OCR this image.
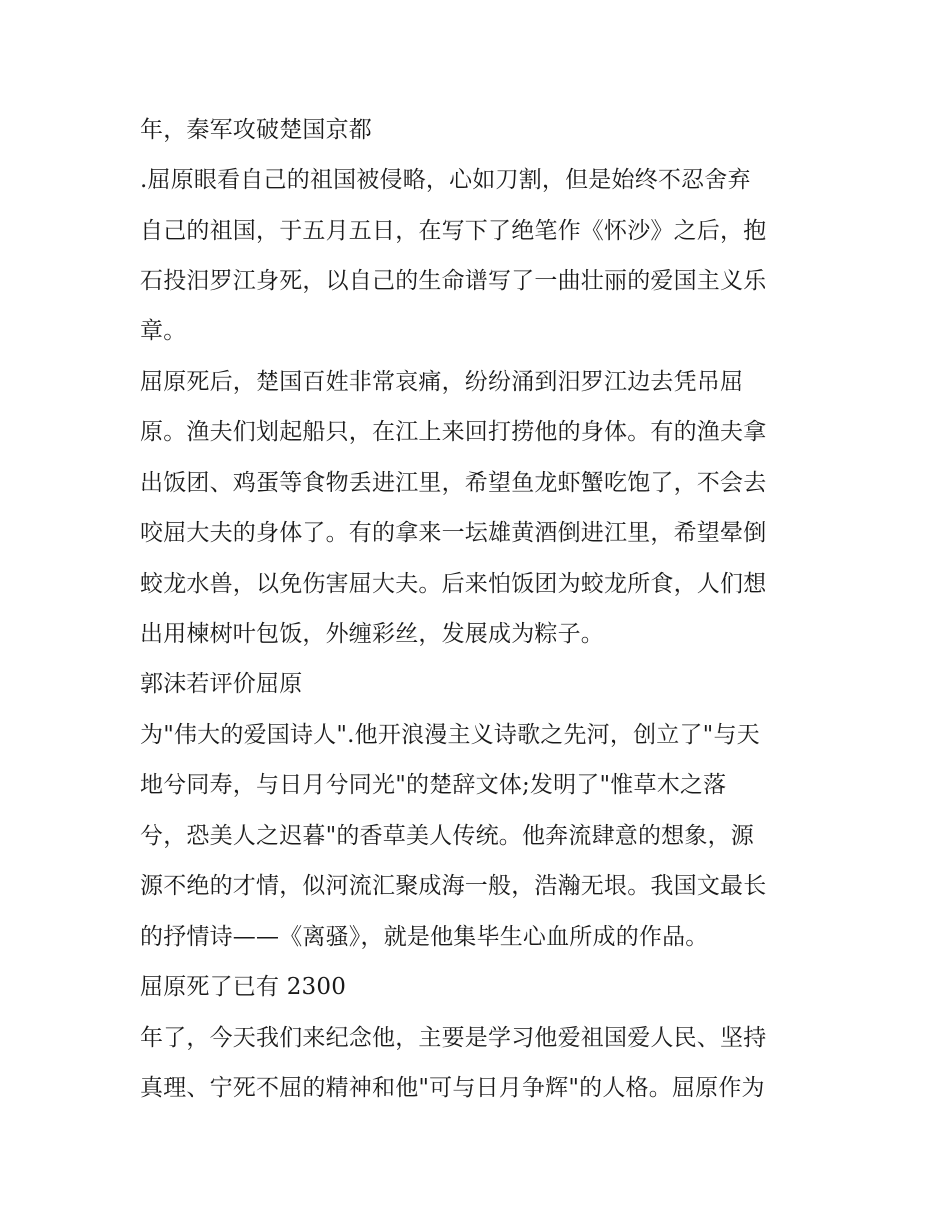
年，秦军攻破楚国京都
.屈原眼看自己的祖国被侵略，心如刀割，但是始终不忍舍弃
自己的祖国，于五月五日，在写下了绝笔作《怀沙》之后，抱
石投汨罗江身死，以自己的生命谱写了一曲壮丽的爱国主义乐
章。
屈原死后，楚国百姓非常哀痛，纷纷涌到汨罗江边去凭吊屈
原。渔夫们划起船只，在江上来回打捞他的身体。有的渔夫拿
出饭团、鸡蛋等食物丢进江里，希望鱼龙虾蟹吃饱了，不会去
咬屈大夫的身体了。有的拿来一坛雄黄酒倒进江里，希望晕倒
蛟龙水兽，以免伤害屈大夫。后来怕饭团为蛟龙所食，人们想
出用楝树叶包饭，外缠彩丝，发展成为粽子。
郭沫若评价屈原
为"伟大的爱国诗人".他开浪漫主义诗歌之先河，创立了"与天
地兮同寿，与日月兮同光"的楚辞文体;发明了"惟草木之落
兮，恐美人之迟暮"的香草美人传统。他奔流肆意的想象，源
源不绝的才情，似河流汇聚成海一般，浩瀚无垠。我国文最长
的抒情诗——《离骚》，就是他集毕生心血所成的作品。
屈原死了已有 2300
年了，今天我们来纪念他，主要是学习他爱祖国爱人民、坚持
真理、宁死不屈的精神和他"可与日月争辉"的人格。屈原作为
